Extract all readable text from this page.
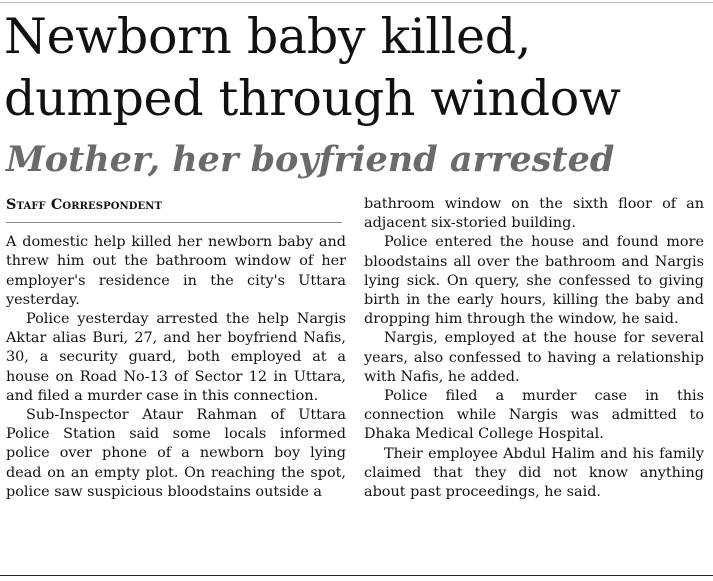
Newborn baby killed, dumped through window
Mother, her boyfriend arrested
Staff Correspondent

A domestic help killed her newborn baby and threw him out the bathroom window of her employer's residence in the city's Uttara yesterday.

Police yesterday arrested the help Nargis Aktar alias Buri, 27, and her boyfriend Nafis, 30, a security guard, both employed at a house on Road No-13 of Sector 12 in Uttara, and filed a murder case in this connection.

Sub-Inspector Ataur Rahman of Uttara Police Station said some locals informed police over phone of a newborn boy lying dead on an empty plot. On reaching the spot, police saw suspicious bloodstains outside a

bathroom window on the sixth floor of an adjacent six-storied building.

Police entered the house and found more bloodstains all over the bathroom and Nargis lying sick. On query, she confessed to giving birth in the early hours, killing the baby and dropping him through the window, he said.

Nargis, employed at the house for several years, also confessed to having a relationship with Nafis, he added.

Police filed a murder case in this connection while Nargis was admitted to Dhaka Medical College Hospital.

Their employee Abdul Halim and his family claimed that they did not know anything about past proceedings, he said.
